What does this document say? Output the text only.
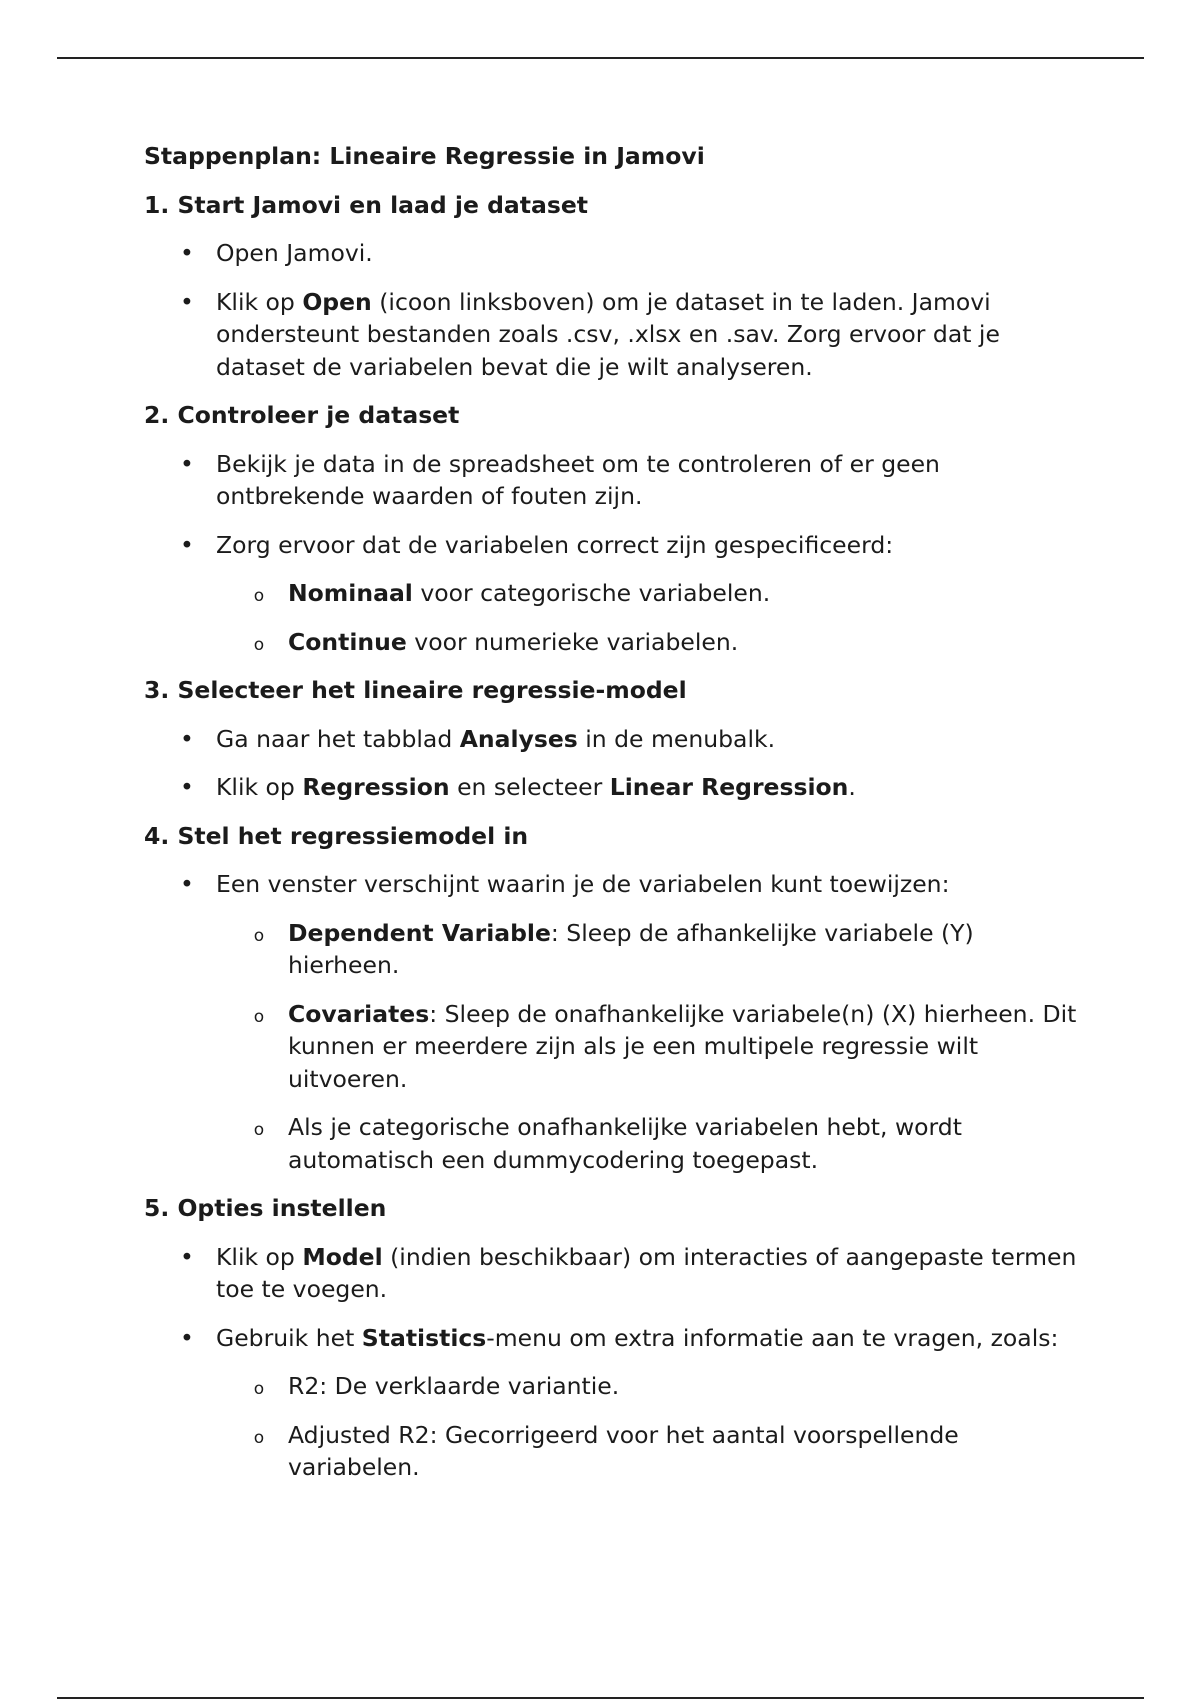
Stappenplan: Lineaire Regressie in Jamovi
1. Start Jamovi en laad je dataset
• Open Jamovi.
• Klik op Open (icoon linksboven) om je dataset in te laden. Jamovi ondersteunt bestanden zoals .csv, .xlsx en .sav. Zorg ervoor dat je dataset de variabelen bevat die je wilt analyseren.
2. Controleer je dataset
• Bekijk je data in de spreadsheet om te controleren of er geen ontbrekende waarden of fouten zijn.
• Zorg ervoor dat de variabelen correct zijn gespecificeerd:
o Nominaal voor categorische variabelen.
o Continue voor numerieke variabelen.
3. Selecteer het lineaire regressie-model
• Ga naar het tabblad Analyses in de menubalk.
• Klik op Regression en selecteer Linear Regression.
4. Stel het regressiemodel in
• Een venster verschijnt waarin je de variabelen kunt toewijzen:
o Dependent Variable: Sleep de afhankelijke variabele (Y) hierheen.
o Covariates: Sleep de onafhankelijke variabele(n) (X) hierheen. Dit kunnen er meerdere zijn als je een multipele regressie wilt uitvoeren.
o Als je categorische onafhankelijke variabelen hebt, wordt automatisch een dummycodering toegepast.
5. Opties instellen
• Klik op Model (indien beschikbaar) om interacties of aangepaste termen toe te voegen.
• Gebruik het Statistics-menu om extra informatie aan te vragen, zoals:
o R2: De verklaarde variantie.
o Adjusted R2: Gecorrigeerd voor het aantal voorspellende variabelen.
